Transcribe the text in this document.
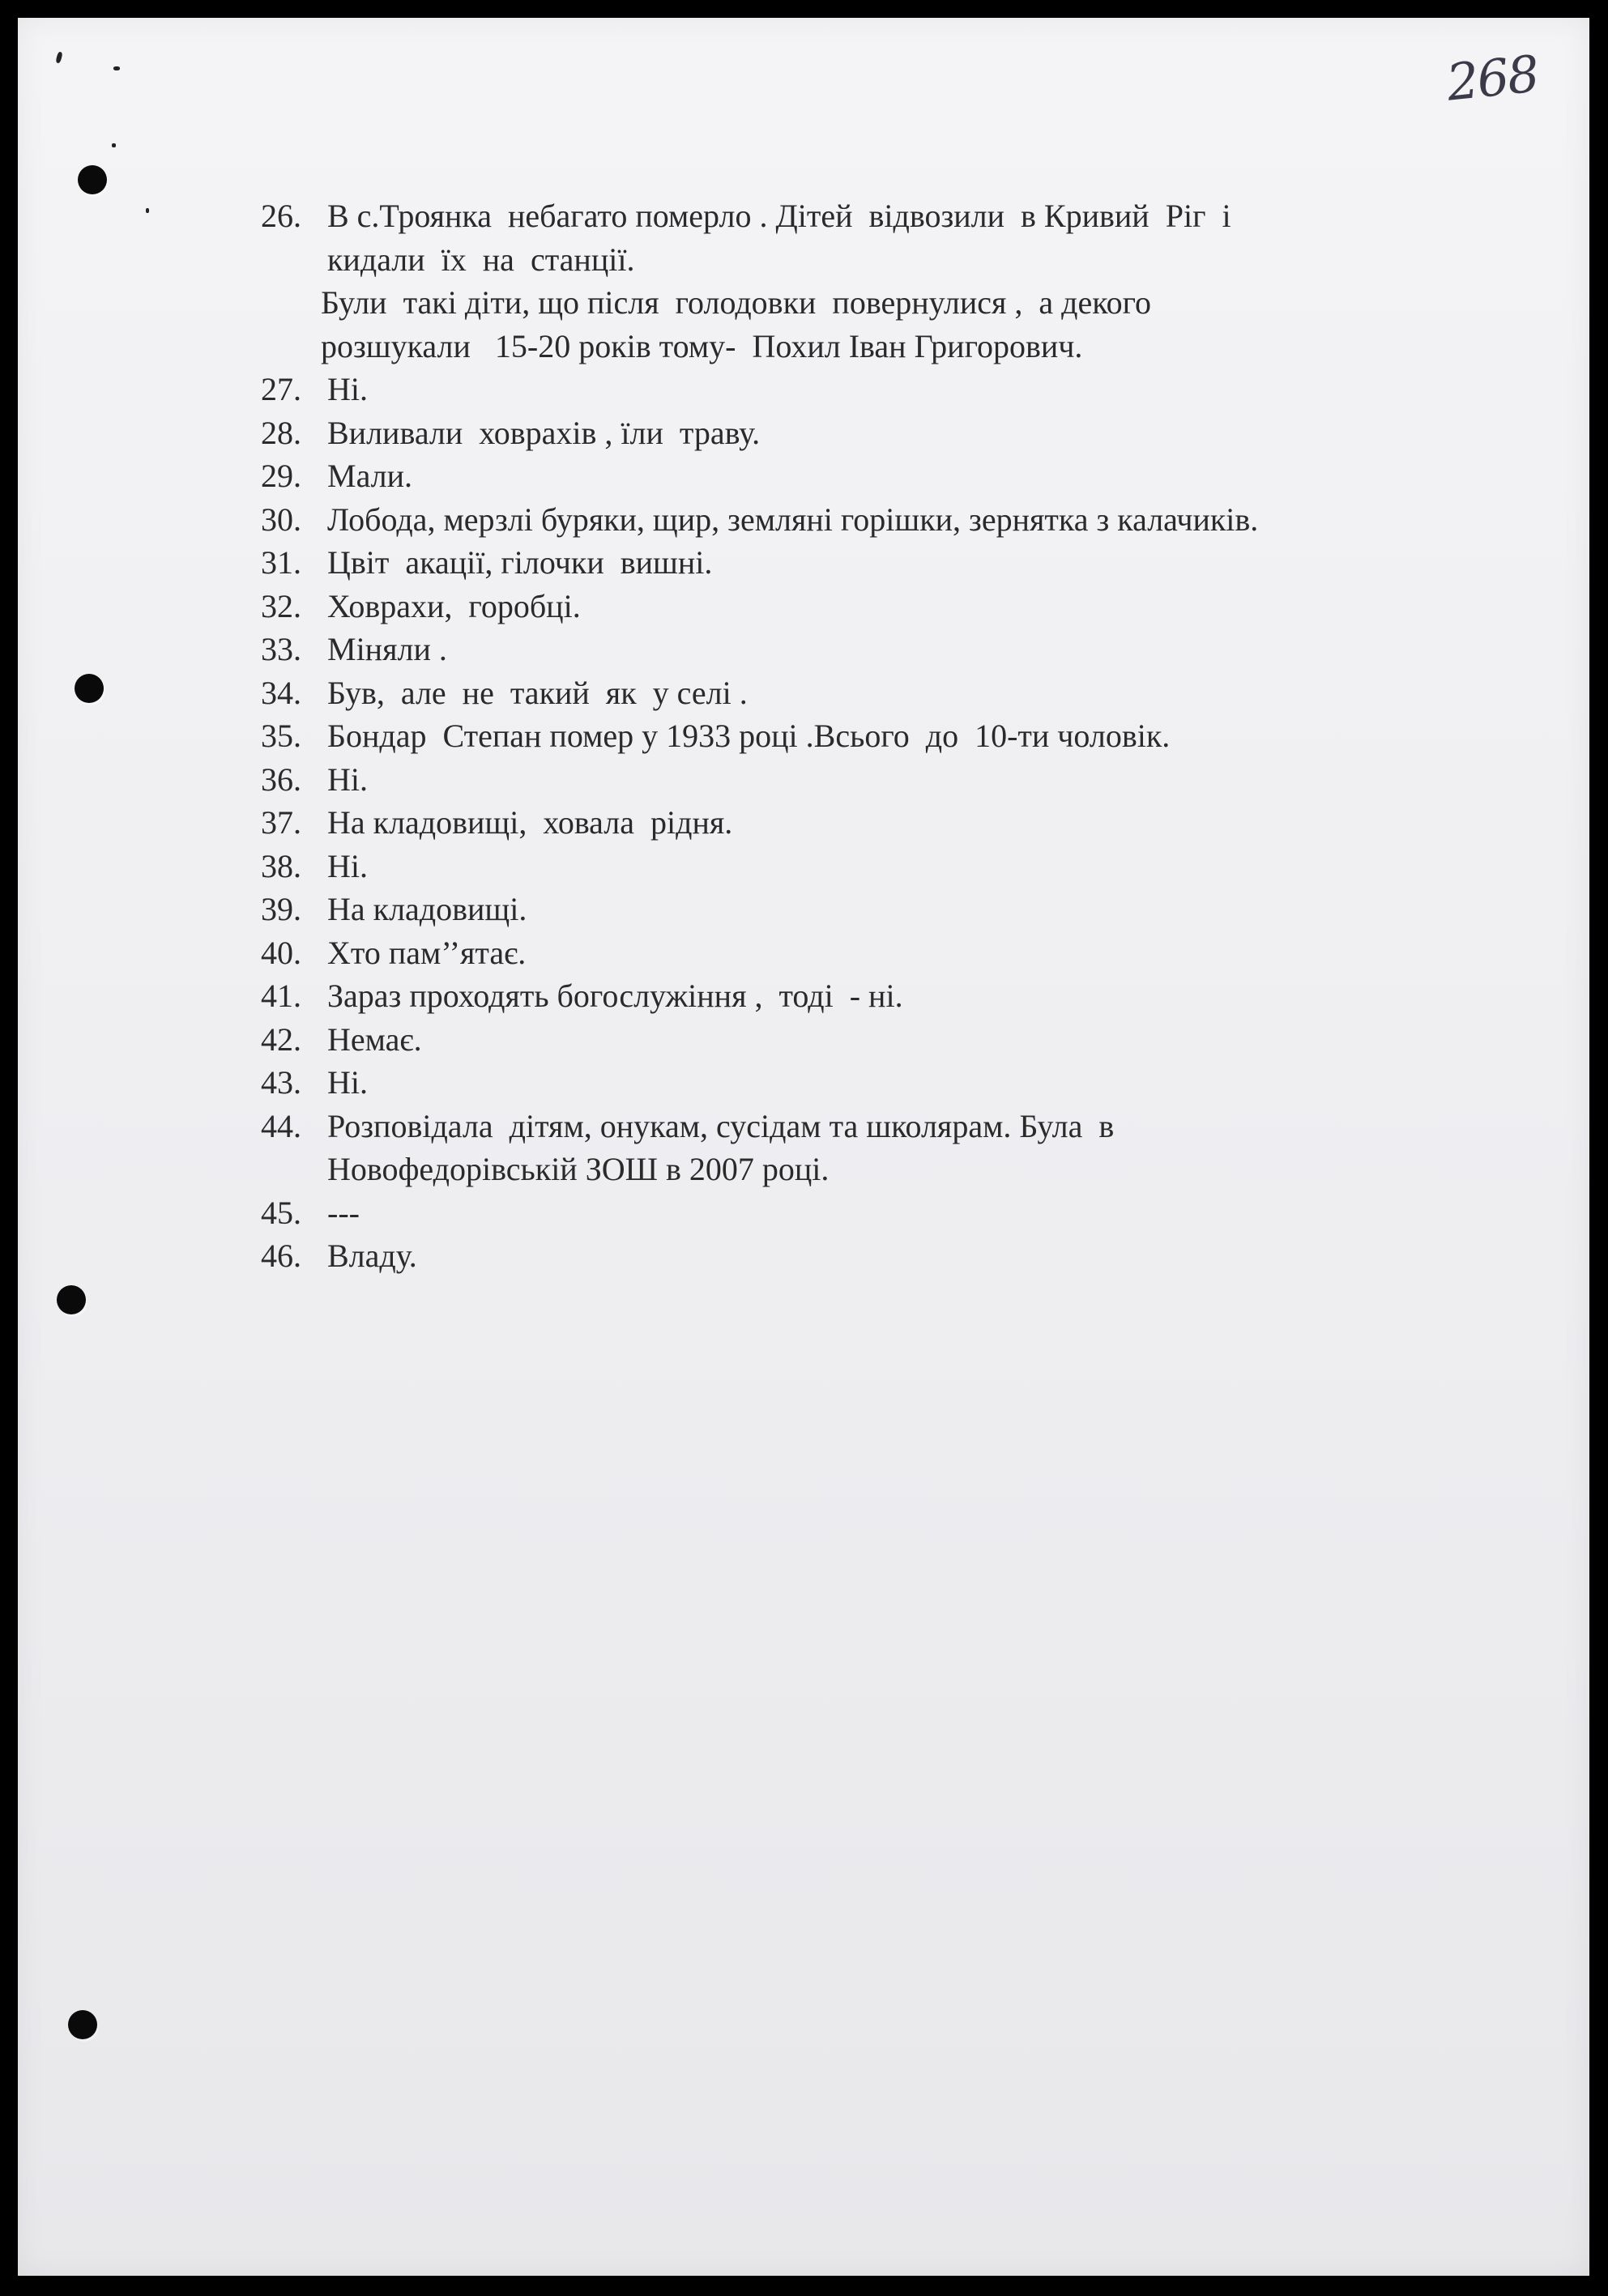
268
26. В с.Троянка  небагато померло . Дітей  відвозили  в Кривий  Ріг  і
кидали  їх  на  станції.
Були  такі діти, що після  голодовки  повернулися ,  а декого
розшукали   15-20 років тому-  Похил Іван Григорович.
27. Ні.
28. Виливали  ховрахів , їли  траву.
29. Мали.
30. Лобода, мерзлі буряки, щир, земляні горішки, зернятка з калачиків.
31. Цвіт  акації, гілочки  вишні.
32. Ховрахи,  горобці.
33. Міняли .
34. Був,  але  не  такий  як  у селі .
35. Бондар  Степан помер у 1933 році .Всього  до  10-ти чоловік.
36. Ні.
37. На кладовищі,  ховала  рідня.
38. Ні.
39. На кладовищі.
40. Хто пам’’ятає.
41. Зараз проходять богослужіння ,  тоді  - ні.
42. Немає.
43. Ні.
44. Розповідала  дітям, онукам, сусідам та школярам. Була  в
Новофедорівській ЗОШ в 2007 році.
45. ---
46. Владу.
